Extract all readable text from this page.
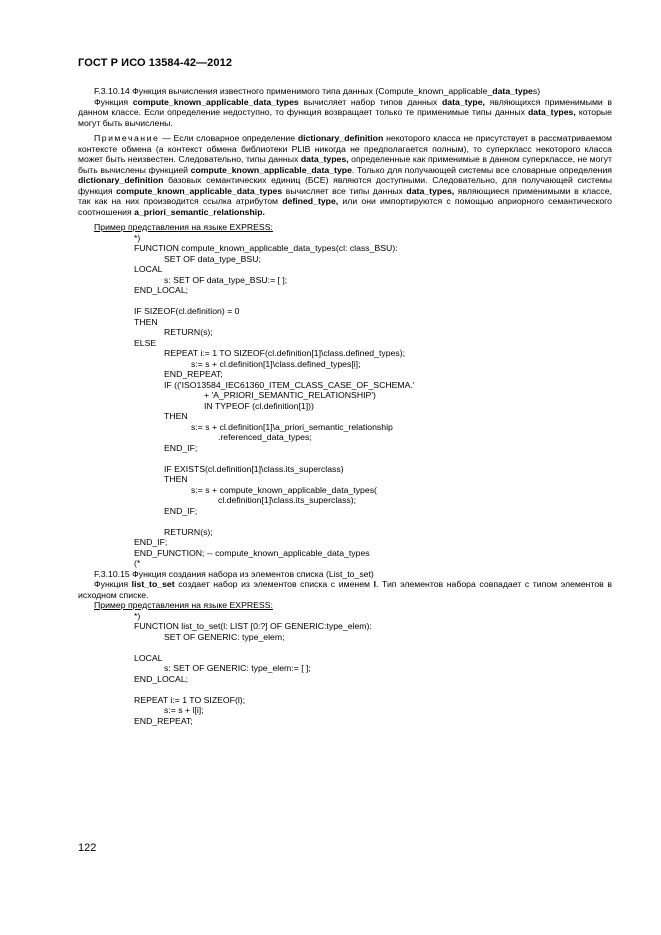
ГОСТ Р ИСО 13584-42—2012

F.3.10.14 Функция вычисления известного применимого типа данных (Compute_known_applicable_data_types)

Функция compute_known_applicable_data_types вычисляет набор типов данных data_type, являющихся применимыми в данном классе. Если определение недоступно, то функция возвращает только те применимые типы данных data_types, которые могут быть вычислены.

Примечание — Если словарное определение dictionary_definition некоторого класса не присутствует в рассматриваемом контексте обмена (а контекст обмена библиотеки PLIB никогда не предполагается полным), то суперкласс некоторого класса может быть неизвестен. Следовательно, типы данных data_types, определенные как применимые в данном суперклассе, не могут быть вычислены функцией compute_known_applicable_data_type. Только для получающей системы все словарные определения dictionary_definition базовых семантических единиц (БСЕ) являются доступными. Следовательно, для получающей системы функция compute_known_applicable_data_types вычисляет все типы данных data_types, являющиеся применимыми в классе, так как на них производится ссылка атрибутом defined_type, или они импортируются с помощью априорного семантического соотношения a_priori_semantic_relationship.

Пример представления на языке EXPRESS:

*)
FUNCTION compute_known_applicable_data_types(cl: class_BSU):
SET OF data_type_BSU;
LOCAL
s: SET OF data_type_BSU:= [ ];
END_LOCAL;
IF SIZEOF(cl.definition) = 0
THEN
RETURN(s);
ELSE
REPEAT i:= 1 TO SIZEOF(cl.definition[1]\class.defined_types);
s:= s + cl.definition[1]\class.defined_types[i];
END_REPEAT;
IF (('ISO13584_IEC61360_ITEM_CLASS_CASE_OF_SCHEMA.'
+ 'A_PRIORI_SEMANTIC_RELATIONSHIP')
IN TYPEOF (cl.definition[1]))
THEN
s:= s + cl.definition[1]\a_priori_semantic_relationship
.referenced_data_types;
END_IF;
IF EXISTS(cl.definition[1]\class.its_superclass)
THEN
s:= s + compute_known_applicable_data_types(
cl.definition[1]\class.its_superclass);
END_IF;
RETURN(s);
END_IF;
END_FUNCTION; -- compute_known_applicable_data_types
(*

F.3.10.15 Функция создания набора из элементов списка (List_to_set)

Функция list_to_set создает набор из элементов списка с именем l. Тип элементов набора совпадает с типом элементов в исходном списке.

Пример представления на языке EXPRESS:

*)
FUNCTION list_to_set(l: LIST [0:?] OF GENERIC:type_elem):
SET OF GENERIC: type_elem;
LOCAL
s: SET OF GENERIC: type_elem:= [ ];
END_LOCAL;
REPEAT i:= 1 TO SIZEOF(l);
s:= s + l[i];
END_REPEAT;
122
